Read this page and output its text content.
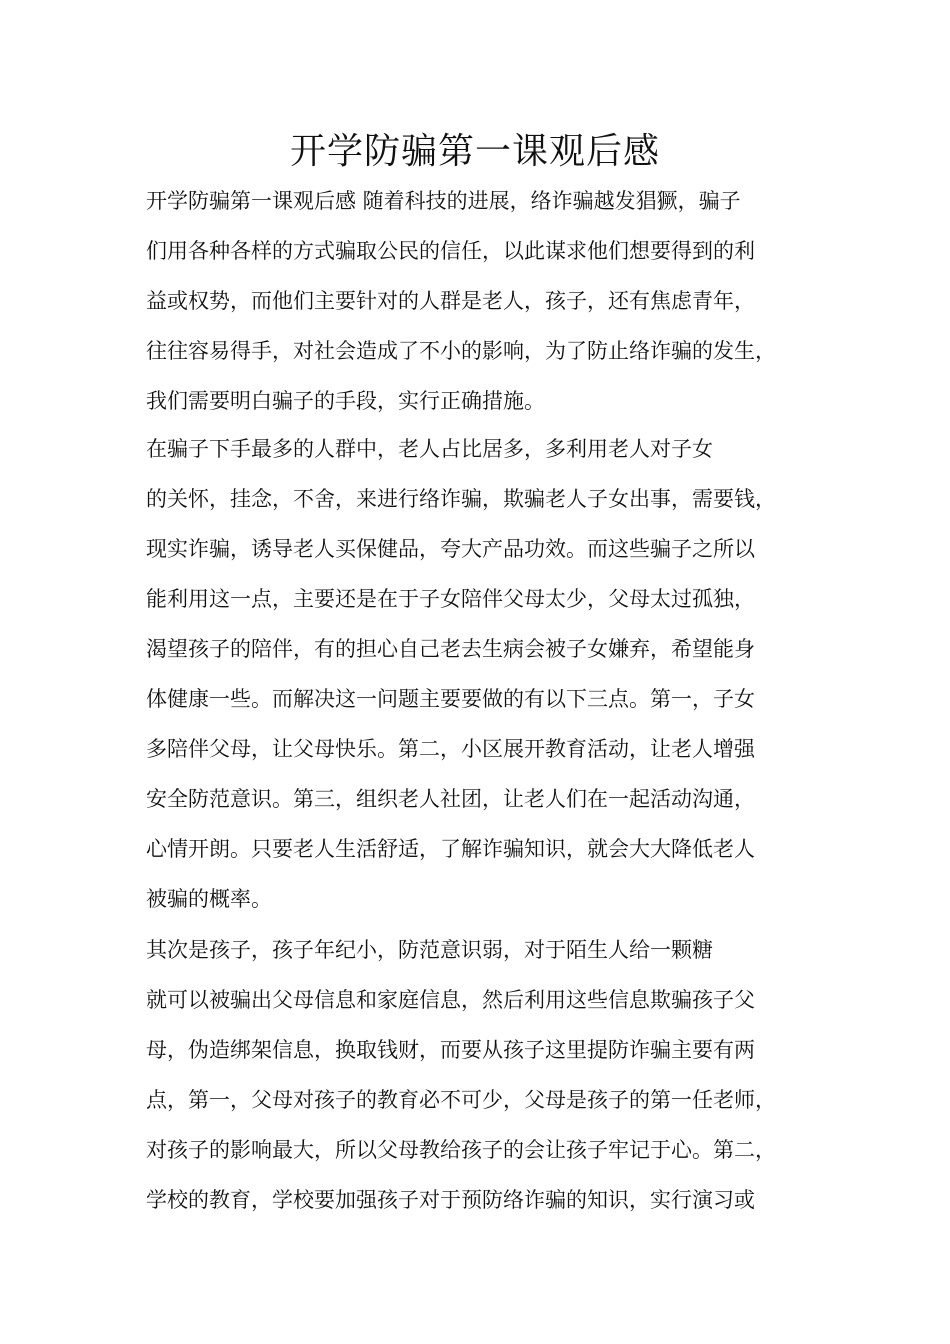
开学防骗第一课观后感
开学防骗第一课观后感 随着科技的进展，络诈骗越发猖獗，骗子
们用各种各样的方式骗取公民的信任，以此谋求他们想要得到的利
益或权势，而他们主要针对的人群是老人，孩子，还有焦虑青年，
往往容易得手，对社会造成了不小的影响，为了防止络诈骗的发生，
我们需要明白骗子的手段，实行正确措施。
在骗子下手最多的人群中，老人占比居多，多利用老人对子女
的关怀，挂念，不舍，来进行络诈骗，欺骗老人子女出事，需要钱，
现实诈骗，诱导老人买保健品，夸大产品功效。而这些骗子之所以
能利用这一点，主要还是在于子女陪伴父母太少，父母太过孤独，
渴望孩子的陪伴，有的担心自己老去生病会被子女嫌弃，希望能身
体健康一些。而解决这一问题主要要做的有以下三点。第一，子女
多陪伴父母，让父母快乐。第二，小区展开教育活动，让老人增强
安全防范意识。第三，组织老人社团，让老人们在一起活动沟通，
心情开朗。只要老人生活舒适，了解诈骗知识，就会大大降低老人
被骗的概率。
其次是孩子，孩子年纪小，防范意识弱，对于陌生人给一颗糖
就可以被骗出父母信息和家庭信息，然后利用这些信息欺骗孩子父
母，伪造绑架信息，换取钱财，而要从孩子这里提防诈骗主要有两
点，第一，父母对孩子的教育必不可少，父母是孩子的第一任老师，
对孩子的影响最大，所以父母教给孩子的会让孩子牢记于心。第二，
学校的教育，学校要加强孩子对于预防络诈骗的知识，实行演习或
